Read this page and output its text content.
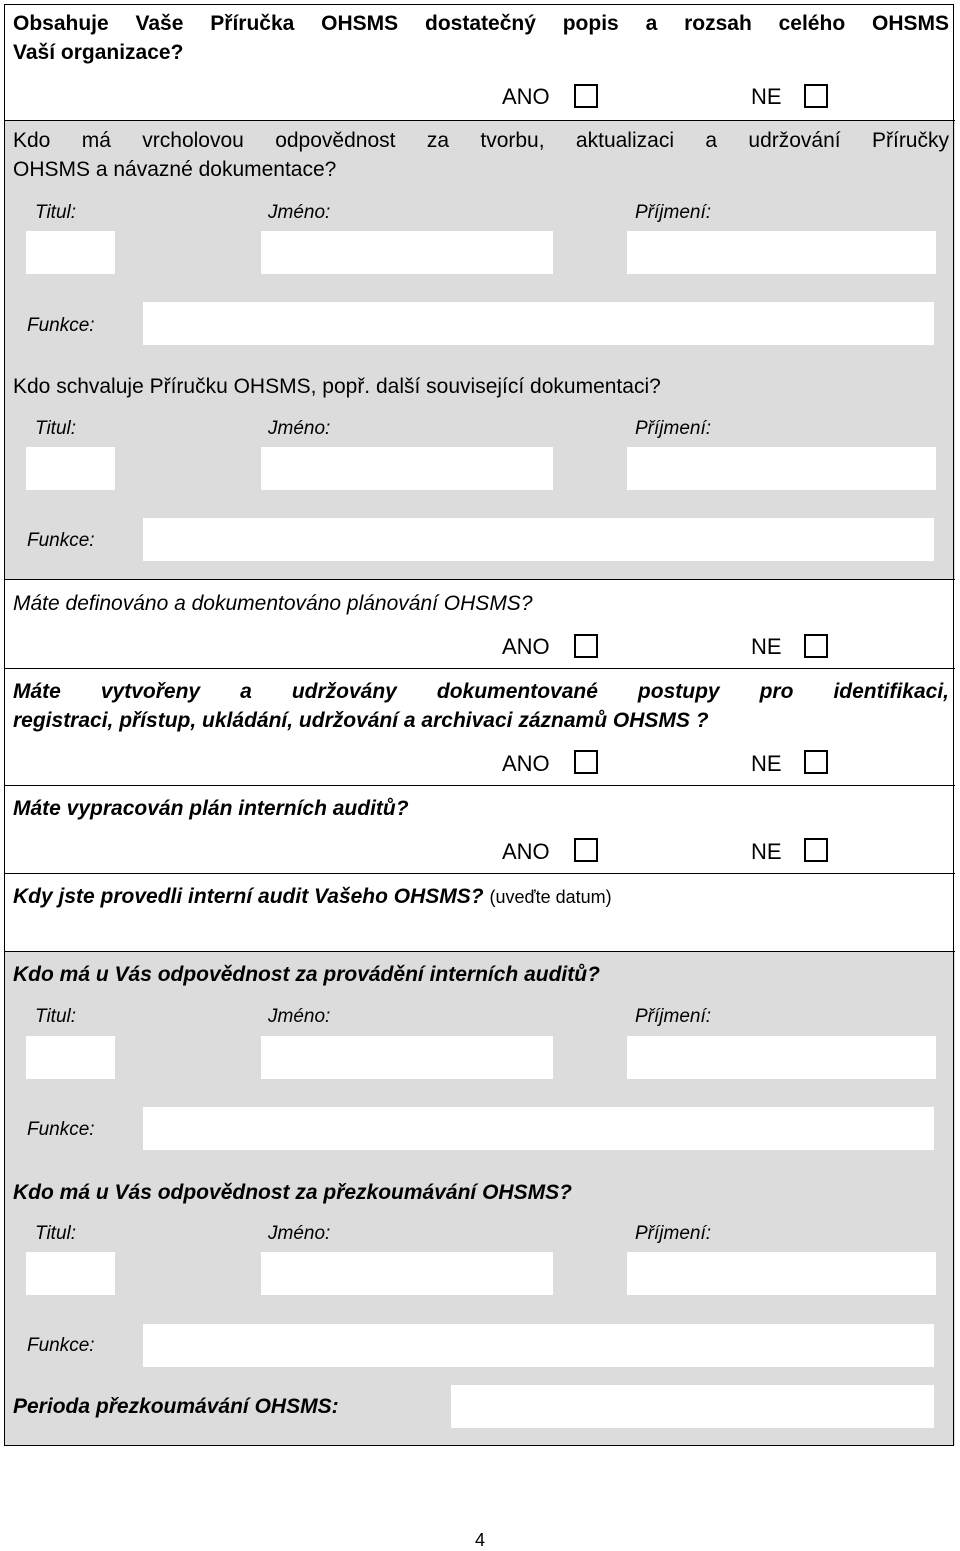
Obsahuje Vaše Příručka OHSMS dostatečný popis a rozsah celého OHSMS
Vaší organizace?
ANO	NE
Kdo má vrcholovou odpovědnost za tvorbu, aktualizaci a udržování Příručky
OHSMS a návazné dokumentace?
Titul:	Jméno:	Příjmení:
Funkce:
Kdo schvaluje Příručku OHSMS, popř. další související dokumentaci?
Titul:	Jméno:	Příjmení:
Funkce:
Máte definováno a dokumentováno plánování OHSMS?
ANO	NE
Máte vytvořeny a udržovány dokumentované postupy pro identifikaci,
registraci, přístup, ukládání, udržování a archivaci záznamů OHSMS ?
ANO	NE
Máte vypracován plán interních auditů?
ANO	NE
Kdy jste provedli interní audit Vašeho OHSMS? (uveďte datum)
Kdo má u Vás odpovědnost za provádění interních auditů?
Titul:	Jméno:	Příjmení:
Funkce:
Kdo má u Vás odpovědnost za přezkoumávání OHSMS?
Titul:	Jméno:	Příjmení:
Funkce:
Perioda přezkoumávání OHSMS:
4
